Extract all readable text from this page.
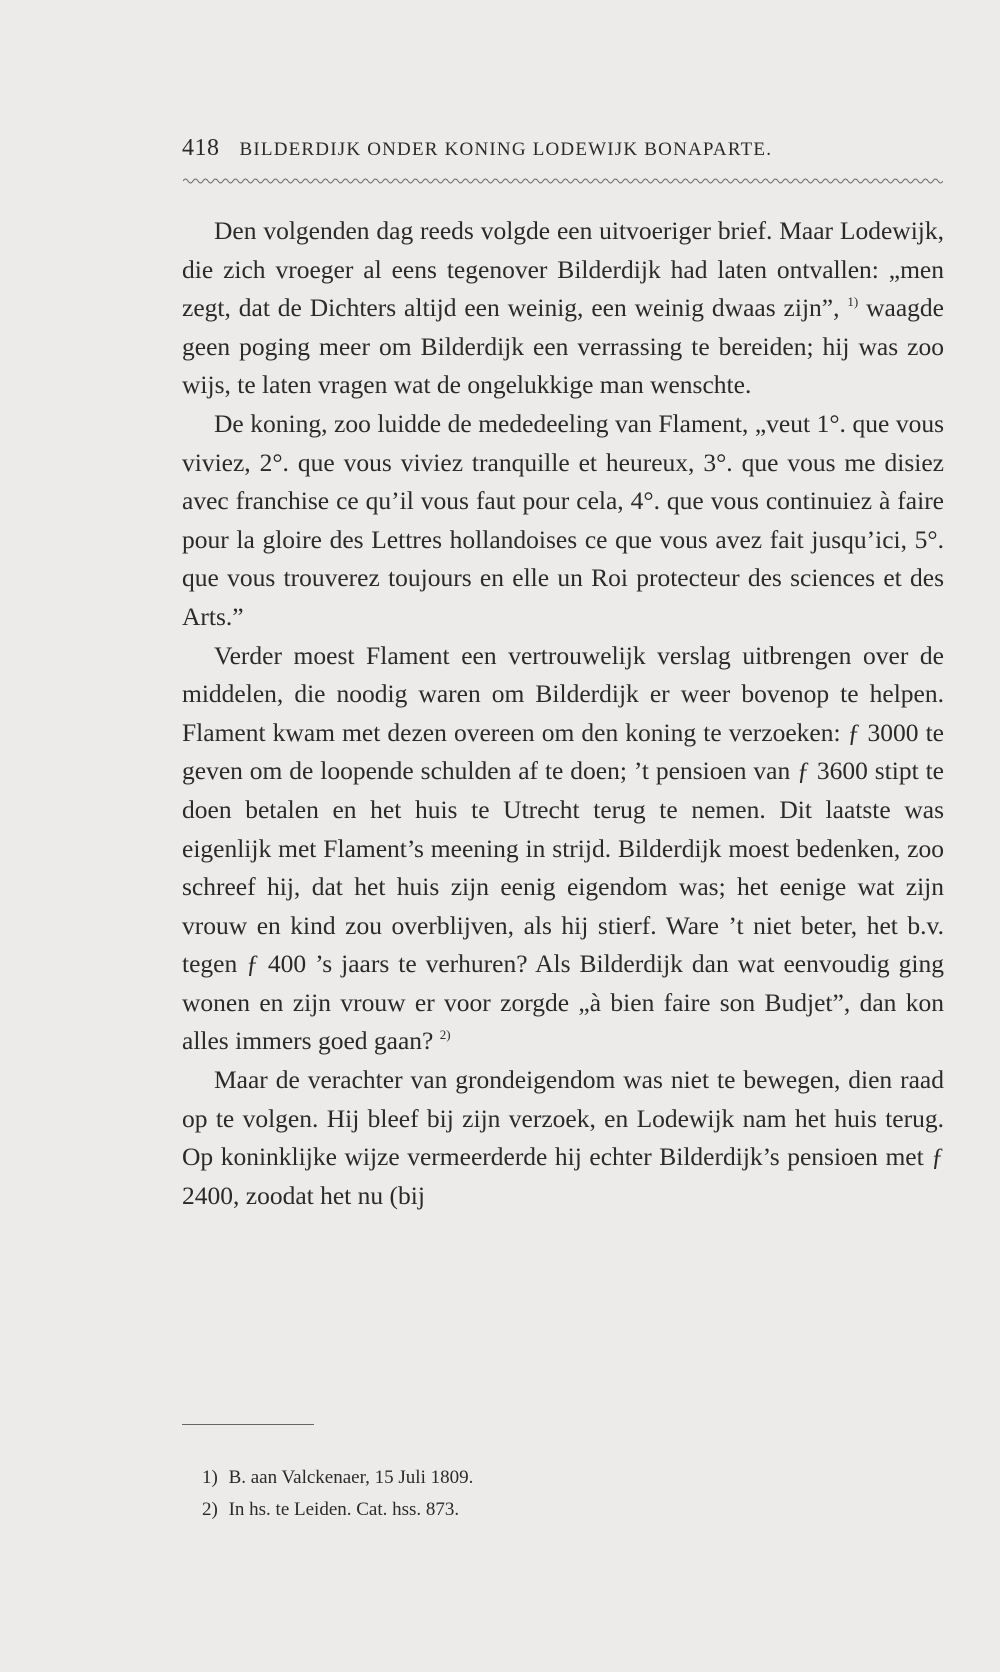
418 BILDERDIJK ONDER KONING LODEWIJK BONAPARTE.

Den volgenden dag reeds volgde een uitvoeriger brief. Maar Lodewijk, die zich vroeger al eens tegenover Bilderdijk had laten ontvallen: „men zegt, dat de Dichters altijd een weinig, een weinig dwaas zijn”, $^{1)}$ waagde geen poging meer om Bilderdijk een verrassing te bereiden; hij was zoo wijs, te laten vragen wat de ongelukkige man wenschte.

De koning, zoo luidde de mededeeling van Flament, „veut 1°. que vous viviez, 2°. que vous viviez tranquille et heureux, 3°. que vous me disiez avec franchise ce qu’il vous faut pour cela, 4°. que vous continuiez à faire pour la gloire des Lettres hollandoises ce que vous avez fait jusqu’ici, 5°. que vous trouverez toujours en elle un Roi protecteur des sciences et des Arts.”

Verder moest Flament een vertrouwelijk verslag uitbrengen over de middelen, die noodig waren om Bilderdijk er weer bovenop te helpen. Flament kwam met dezen overeen om den koning te verzoeken: ƒ 3000 te geven om de loopende schulden af te doen; ’t pensioen van ƒ 3600 stipt te doen betalen en het huis te Utrecht terug te nemen. Dit laatste was eigenlijk met Flament’s meening in strijd. Bilderdijk moest bedenken, zoo schreef hij, dat het huis zijn eenig eigendom was; het eenige wat zijn vrouw en kind zou overblijven, als hij stierf. Ware ’t niet beter, het b.v. tegen ƒ 400 ’s jaars te verhuren? Als Bilderdijk dan wat eenvoudig ging wonen en zijn vrouw er voor zorgde „à bien faire son Budjet”, dan kon alles immers goed gaan? $^{2)}$

Maar de verachter van grondeigendom was niet te bewegen, dien raad op te volgen. Hij bleef bij zijn verzoek, en Lodewijk nam het huis terug. Op koninklijke wijze vermeerderde hij echter Bilderdijk’s pensioen met ƒ 2400, zoodat het nu (bij

1) B. aan Valckenaer, 15 Juli 1809.
2) In hs. te Leiden. Cat. hss. 873.
